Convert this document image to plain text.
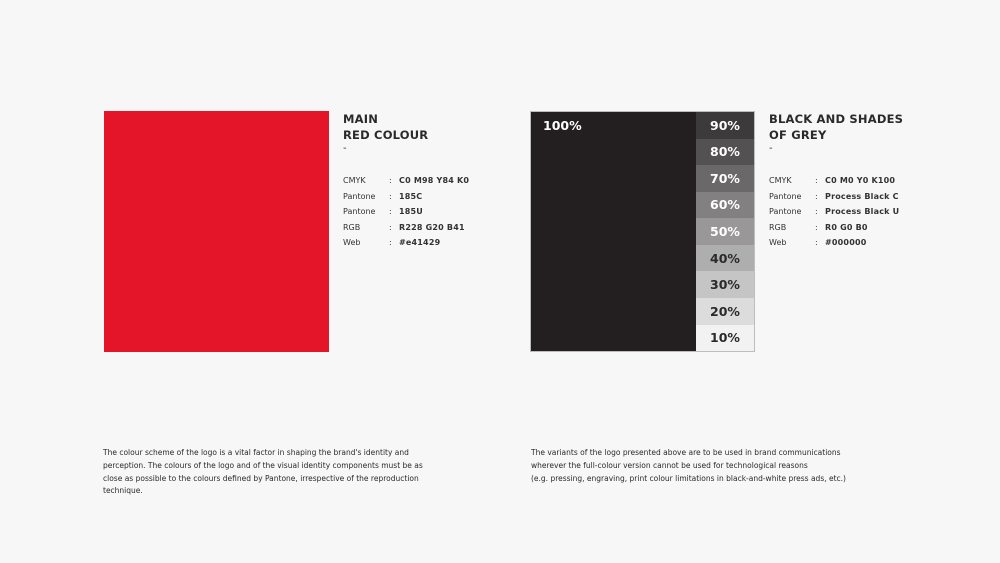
MAIN
RED COLOUR
-
CMYK	:	C0 M98 Y84 K0
Pantone	:	185C
Pantone	:	185U
RGB	:	R228 G20 B41
Web	:	#e41429
100%	90%
80%
70%
60%
50%
40%
30%
20%
10%
BLACK AND SHADES
OF GREY
-
CMYK	:	C0 M0 Y0 K100
Pantone	:	Process Black C
Pantone	:	Process Black U
RGB	:	R0 G0 B0
Web	:	#000000
The colour scheme of the logo is a vital factor in shaping the brand's identity and perception. The colours of the logo and of the visual identity components must be as close as possible to the colours defined by Pantone, irrespective of the reproduction technique.
The variants of the logo presented above are to be used in brand communications
wherever the full-colour version cannot be used for technological reasons
(e.g. pressing, engraving, print colour limitations in black-and-white press ads, etc.)
